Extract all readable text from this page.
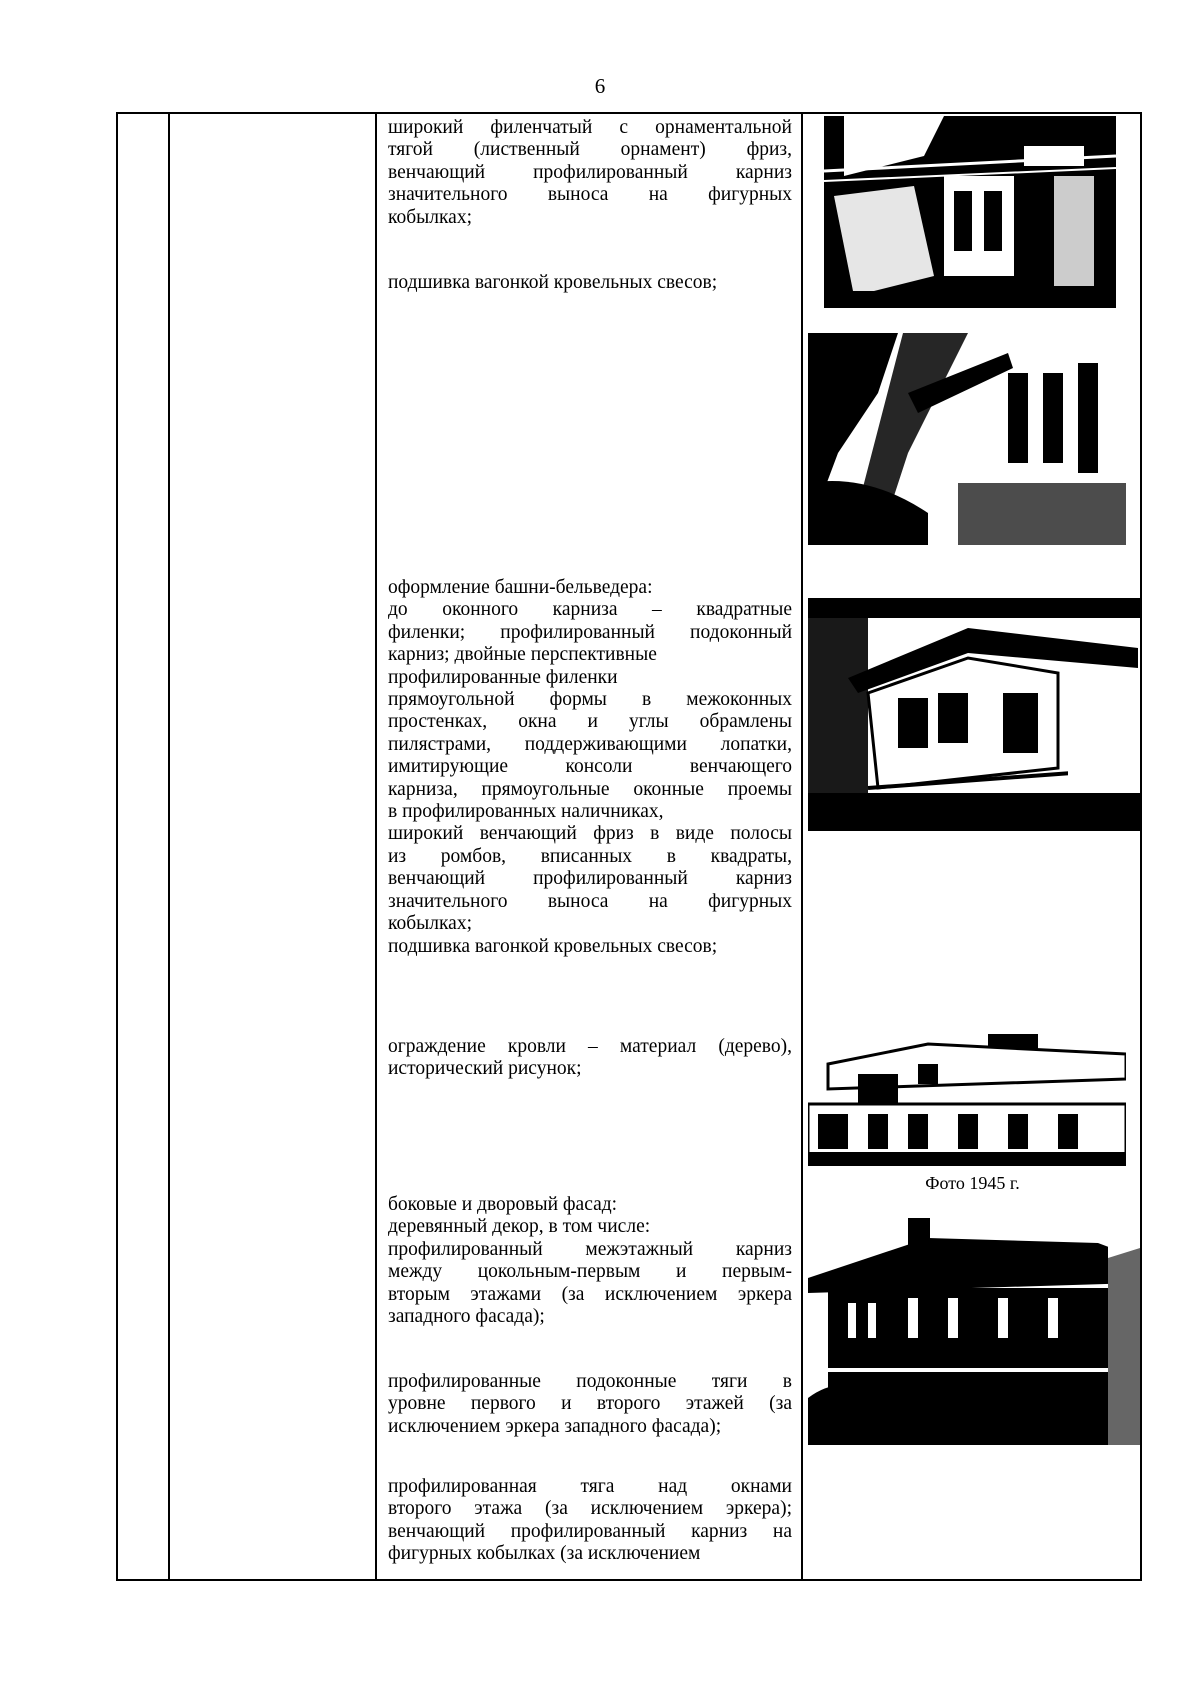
6
широкий филенчатый с орнаментальной
тягой (лиственный орнамент) фриз,
венчающий профилированный карниз
значительного выноса на фигурных
кобылках;
подшивка вагонкой кровельных свесов;
оформление башни-бельведера:
до оконного карниза – квадратные
филенки; профилированный подоконный
карниз; двойные перспективные
профилированные филенки
прямоугольной формы в межоконных
простенках, окна и углы обрамлены
пилястрами, поддерживающими лопатки,
имитирующие консоли венчающего
карниза, прямоугольные оконные проемы
в профилированных наличниках,
широкий венчающий фриз в виде полосы
из ромбов, вписанных в квадраты,
венчающий профилированный карниз
значительного выноса на фигурных
кобылках;
подшивка вагонкой кровельных свесов;
ограждение кровли – материал (дерево),
исторический рисунок;
боковые и дворовый фасад:
деревянный декор, в том числе:
профилированный межэтажный карниз
между цокольным-первым и первым-
вторым этажами (за исключением эркера
западного фасада);
профилированные подоконные тяги в
уровне первого и второго этажей (за
исключением эркера западного фасада);
профилированная тяга над окнами
второго этажа (за исключением эркера);
венчающий профилированный карниз на
фигурных кобылках (за исключением
Фото 1945 г.
